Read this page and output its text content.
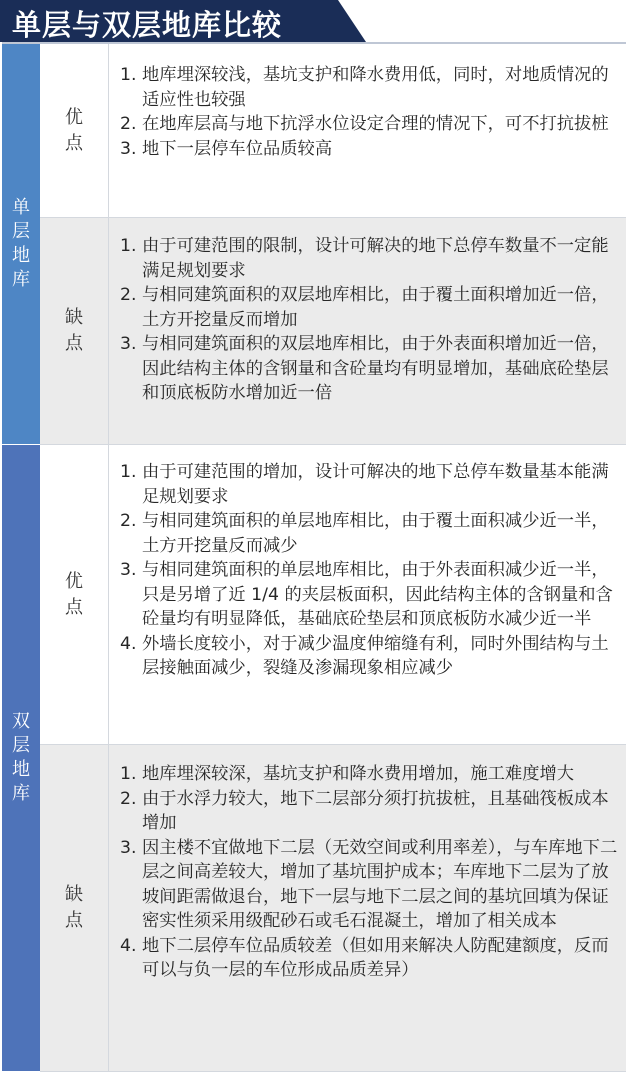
单层与双层地库比较
单层地库
优点
1. 地库埋深较浅，基坑支护和降水费用低，同时，对地质情况的适应性也较强
2. 在地库层高与地下抗浮水位设定合理的情况下，可不打抗拔桩
3. 地下一层停车位品质较高
缺点
1. 由于可建范围的限制，设计可解决的地下总停车数量不一定能满足规划要求
2. 与相同建筑面积的双层地库相比，由于覆土面积增加近一倍，土方开挖量反而增加
3. 与相同建筑面积的双层地库相比，由于外表面积增加近一倍，因此结构主体的含钢量和含砼量均有明显增加，基础底砼垫层和顶底板防水增加近一倍
双层地库
优点
1. 由于可建范围的增加，设计可解决的地下总停车数量基本能满足规划要求
2. 与相同建筑面积的单层地库相比，由于覆土面积减少近一半，土方开挖量反而减少
3. 与相同建筑面积的单层地库相比，由于外表面积减少近一半，只是另增了近 1/4 的夹层板面积，因此结构主体的含钢量和含砼量均有明显降低，基础底砼垫层和顶底板防水减少近一半
4. 外墙长度较小，对于减少温度伸缩缝有利，同时外围结构与土层接触面减少，裂缝及渗漏现象相应减少
缺点
1. 地库埋深较深，基坑支护和降水费用增加，施工难度增大
2. 由于水浮力较大，地下二层部分须打抗拔桩，且基础筏板成本增加
3. 因主楼不宜做地下二层（无效空间或利用率差），与车库地下二层之间高差较大，增加了基坑围护成本；车库地下二层为了放坡间距需做退台，地下一层与地下二层之间的基坑回填为保证密实性须采用级配砂石或毛石混凝土，增加了相关成本
4. 地下二层停车位品质较差（但如用来解决人防配建额度，反而可以与负一层的车位形成品质差异）
